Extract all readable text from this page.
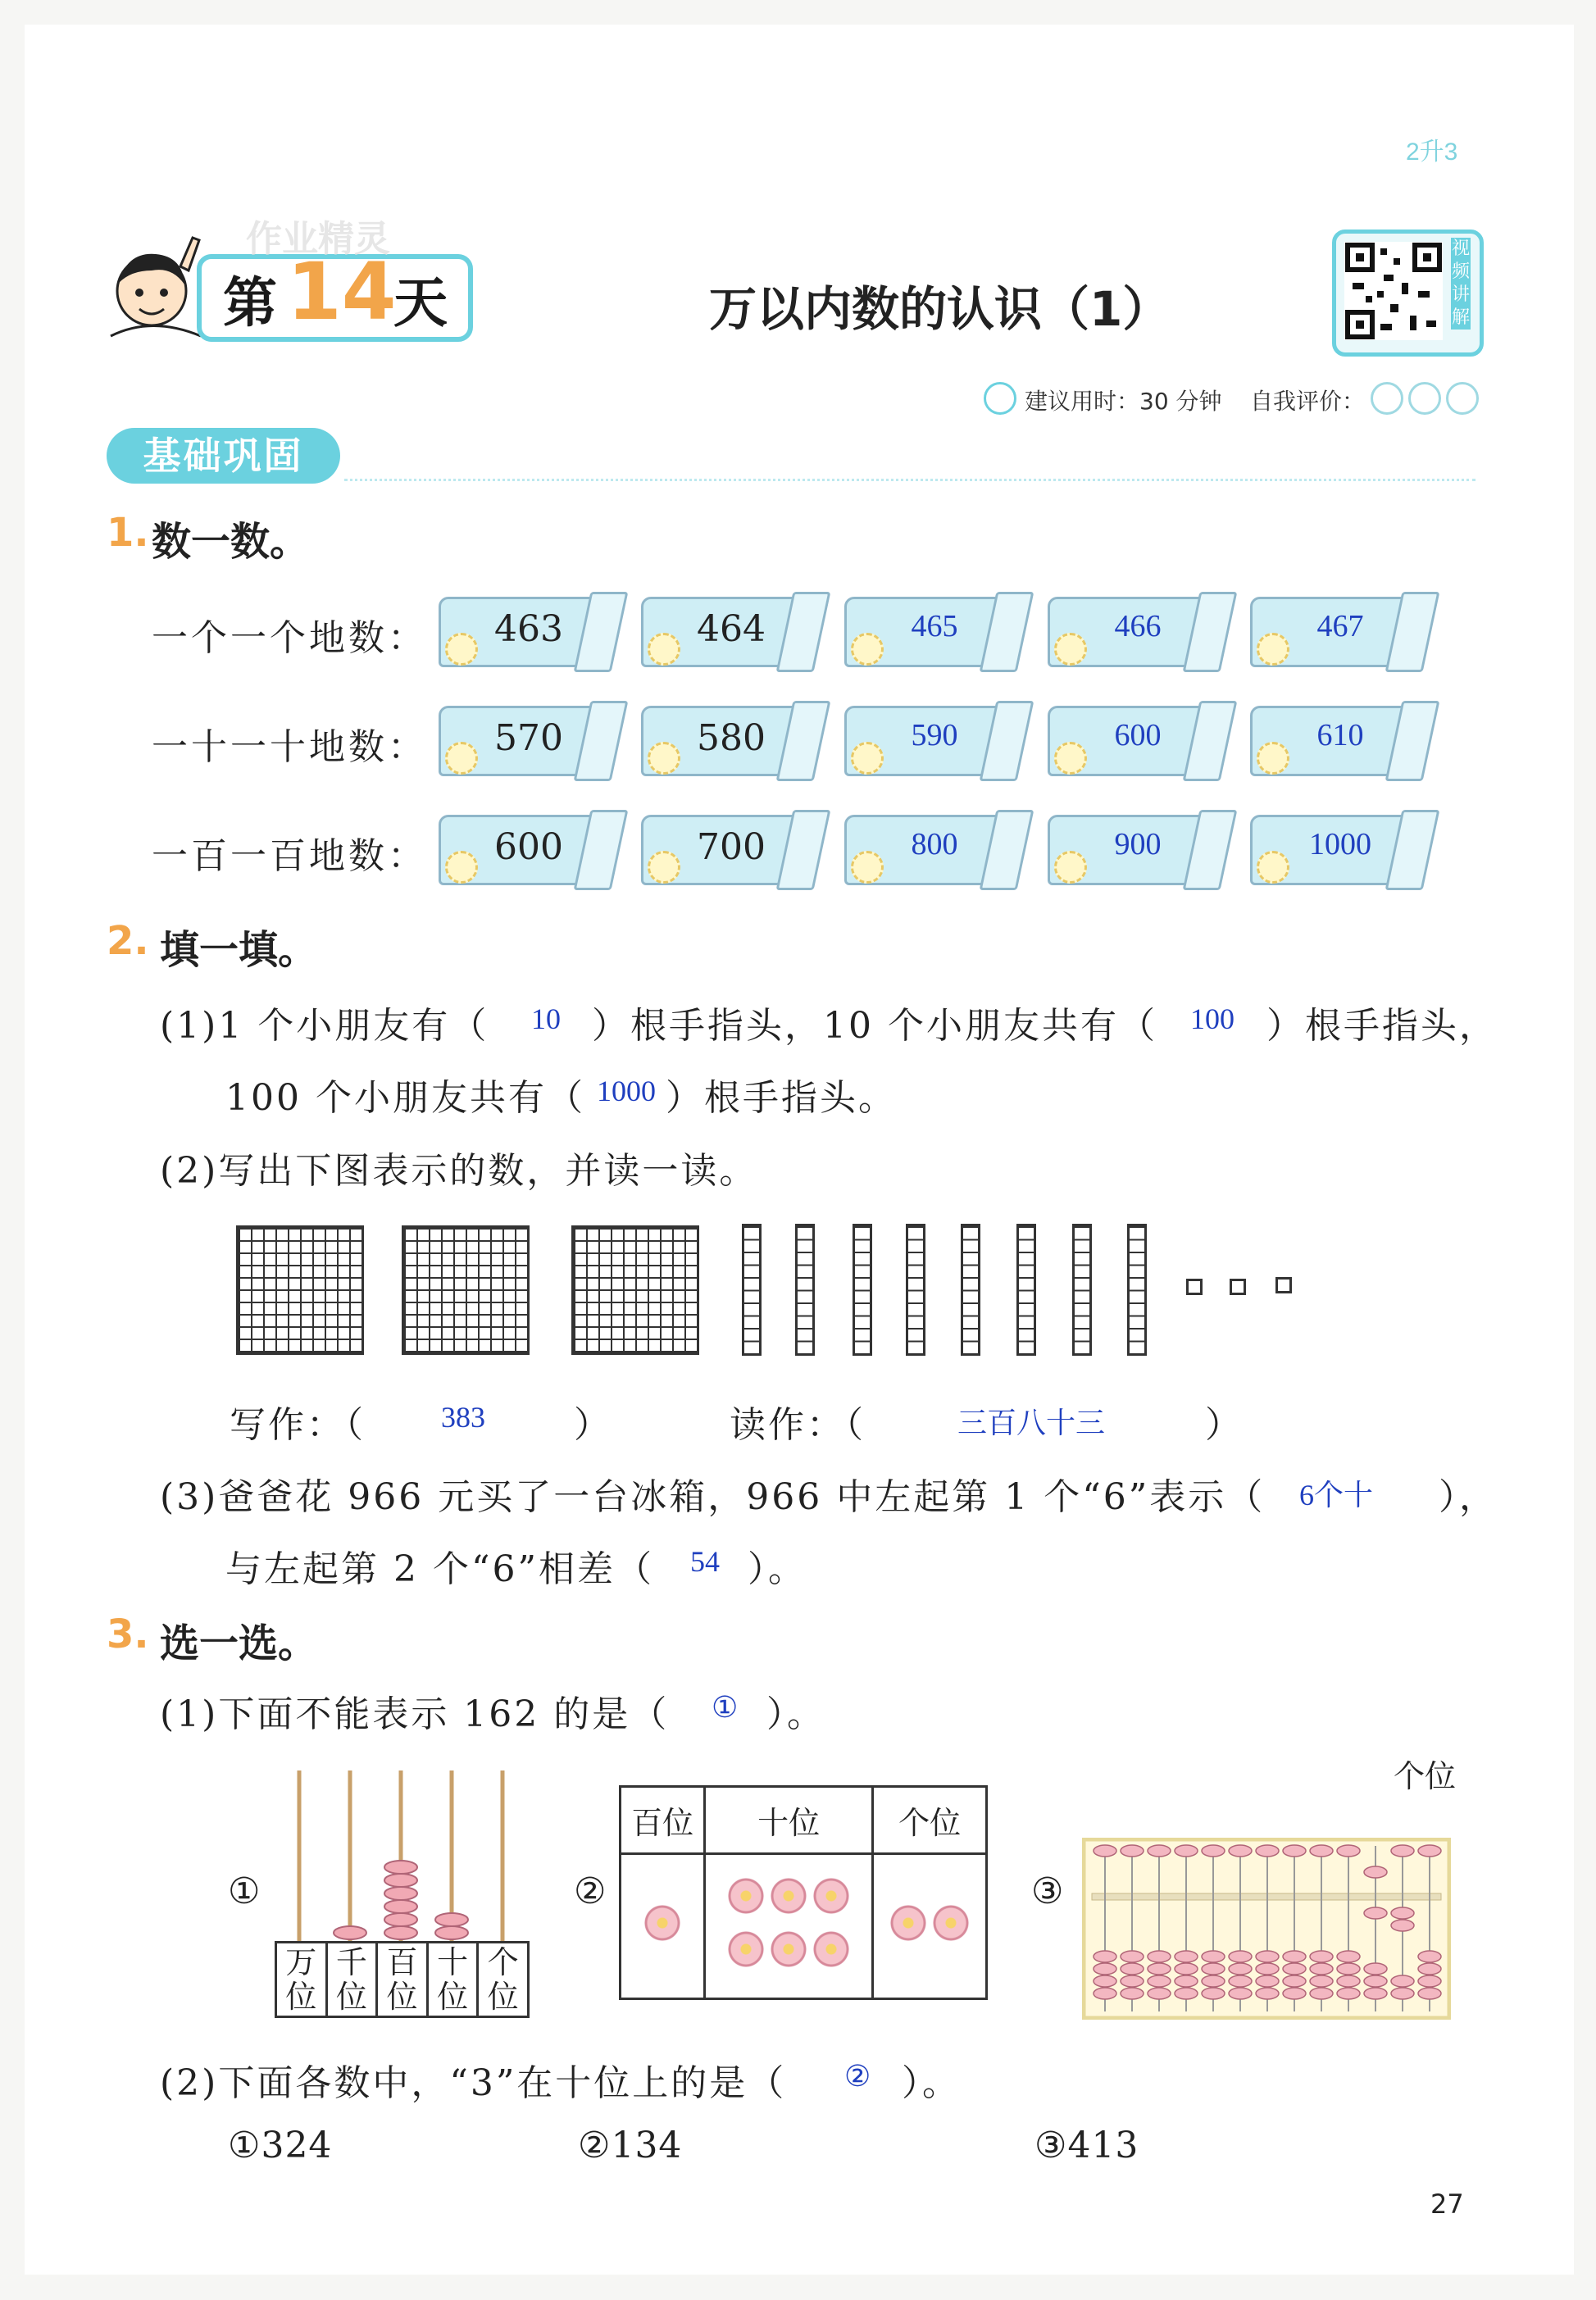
2升3
第 14
天
作业精灵
万以内数的认识（1）
视频讲解
建议用时：30 分钟 自我评价：
基础巩固
1. 数一数。
一个一个地数：
一十一十地数：
一百一百地数：
463	464	465	466	467
570	580	590	600	610
600	700	800	900	1000
2. 填一填。
(1)1 个小朋友有（ 10 ）根手指头，10 个小朋友共有（ 100 ）根手指头，
100 个小朋友共有（ 1000 ）根手指头。
(2)写出下图表示的数，并读一读。
写作：（	383 ）	读作：（	三百八十三	）
(3)爸爸花 966 元买了一台冰箱，966 中左起第 1 个“6”表示（ 6个十 ），
与左起第 2 个“6”相差（ 54 ）。
3. 选一选。
(1)下面不能表示 162 的是（ ① ）。
①
万位
千位
百位
十位
个位
②
百位	十位	个位

③
个位
(2)下面各数中，“3”在十位上的是（ ② ）。
①324	②134	③413
27
